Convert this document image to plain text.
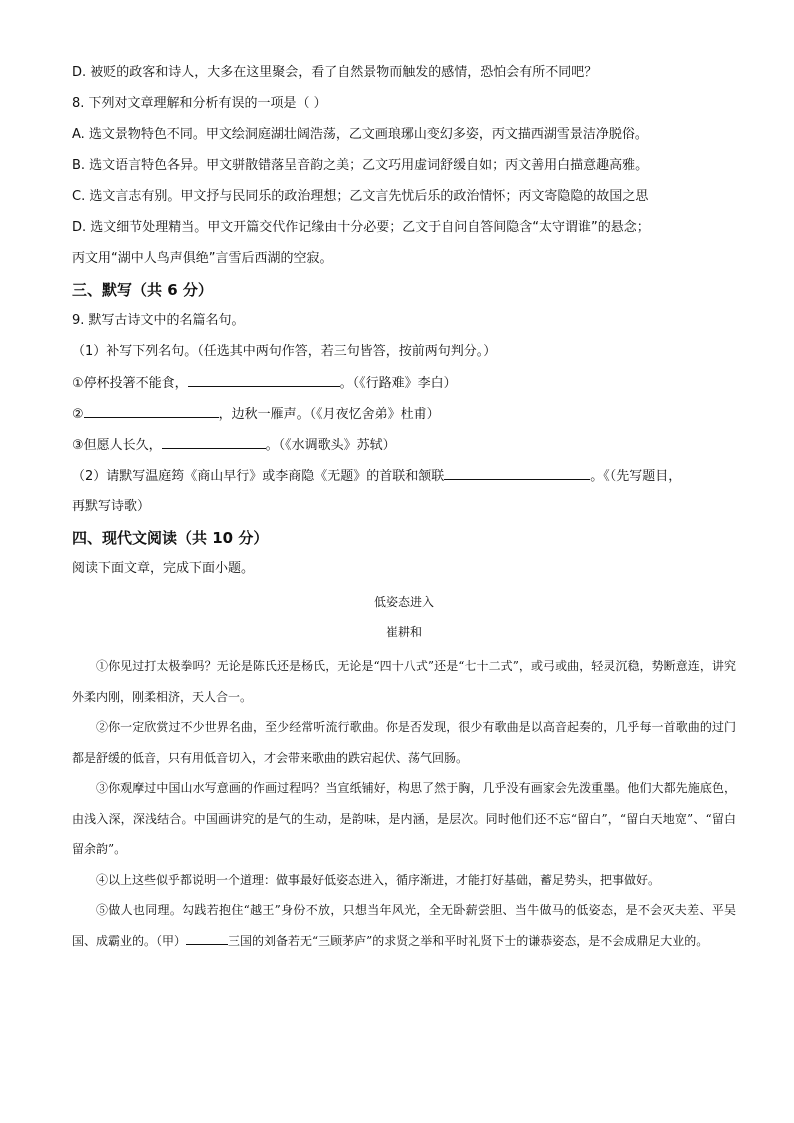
D. 被贬的政客和诗人，大多在这里聚会，看了自然景物而触发的感情，恐怕会有所不同吧？
8. 下列对文章理解和分析有误的一项是（ ）
A. 选文景物特色不同。甲文绘洞庭湖壮阔浩荡，乙文画琅琊山变幻多姿，丙文描西湖雪景洁净脱俗。
B. 选文语言特色各异。甲文骈散错落呈音韵之美；乙文巧用虚词舒缓自如；丙文善用白描意趣高雅。
C. 选文言志有别。甲文抒与民同乐的政治理想；乙文言先忧后乐的政治情怀；丙文寄隐隐的故国之思
D. 选文细节处理精当。甲文开篇交代作记缘由十分必要；乙文于自问自答间隐含“太守谓谁”的悬念；
丙文用“湖中人鸟声俱绝”言雪后西湖的空寂。
三、默写（共 6 分）
9. 默写古诗文中的名篇名句。
（1）补写下列名句。（任选其中两句作答，若三句皆答，按前两句判分。）
①停杯投箸不能食，	。（《行路难》李白）
②	，边秋一雁声。（《月夜忆舍弟》杜甫）
③但愿人长久，	。（《水调歌头》苏轼）
（2）请默写温庭筠《商山早行》或李商隐《无题》的首联和颔联	。《（先写题目，
再默写诗歌）
四、现代文阅读（共 10 分）
阅读下面文章，完成下面小题。
低姿态进入
崔耕和

①你见过打太极拳吗？无论是陈氏还是杨氏，无论是“四十八式”还是“七十二式”，或弓或曲，轻灵沉稳，势断意连，讲究外柔内刚，刚柔相济，天人合一。

②你一定欣赏过不少世界名曲，至少经常听流行歌曲。你是否发现，很少有歌曲是以高音起奏的，几乎每一首歌曲的过门都是舒缓的低音，只有用低音切入，才会带来歌曲的跌宕起伏、荡气回肠。

③你观摩过中国山水写意画的作画过程吗？当宣纸铺好，构思了然于胸，几乎没有画家会先泼重墨。他们大都先施底色，由浅入深，深浅结合。中国画讲究的是气的生动，是韵味，是内涵，是层次。同时他们还不忘“留白”，“留白天地宽”、“留白留余韵”。

④以上这些似乎都说明一个道理：做事最好低姿态进入，循序渐进，才能打好基础，蓄足势头，把事做好。

⑤做人也同理。勾践若抱住“越王”身份不放，只想当年风光，全无卧薪尝胆、当牛做马的低姿态，是不会灭夫差、平吴国、成霸业的。（甲）	三国的刘备若无“三顾茅庐”的求贤之举和平时礼贤下士的谦恭姿态，是不会成鼎足大业的。
